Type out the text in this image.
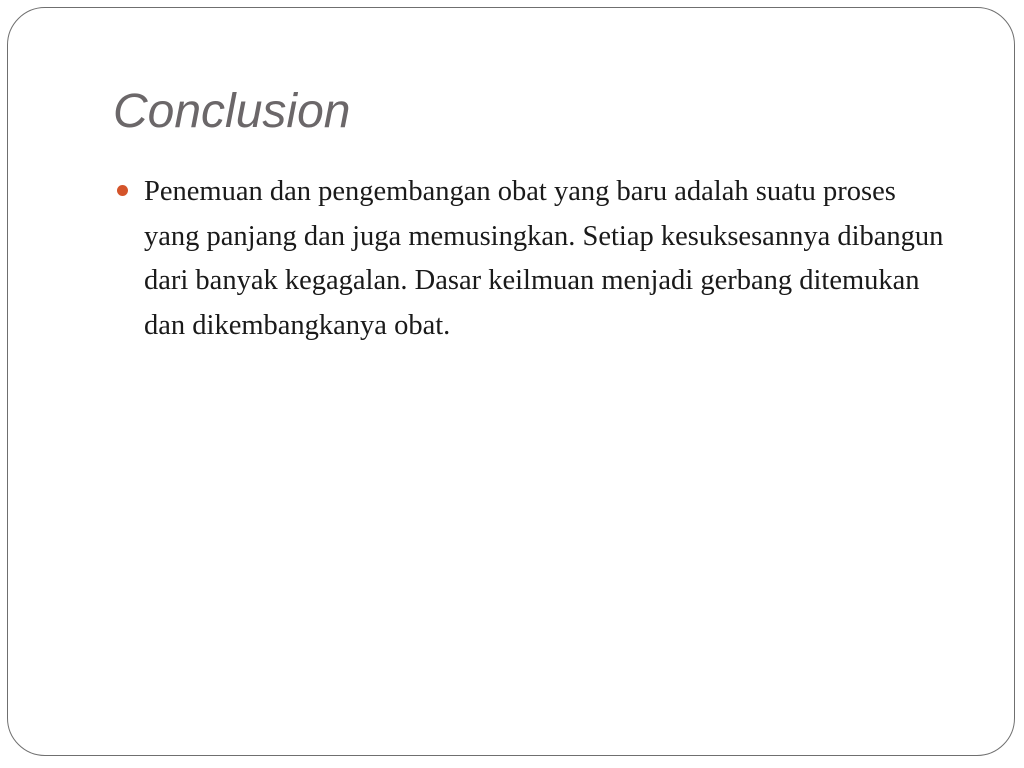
Conclusion
Penemuan dan pengembangan obat yang baru adalah suatu proses yang panjang dan juga memusingkan. Setiap kesuksesannya dibangun dari banyak kegagalan. Dasar keilmuan menjadi gerbang ditemukan dan dikembangkanya obat.
